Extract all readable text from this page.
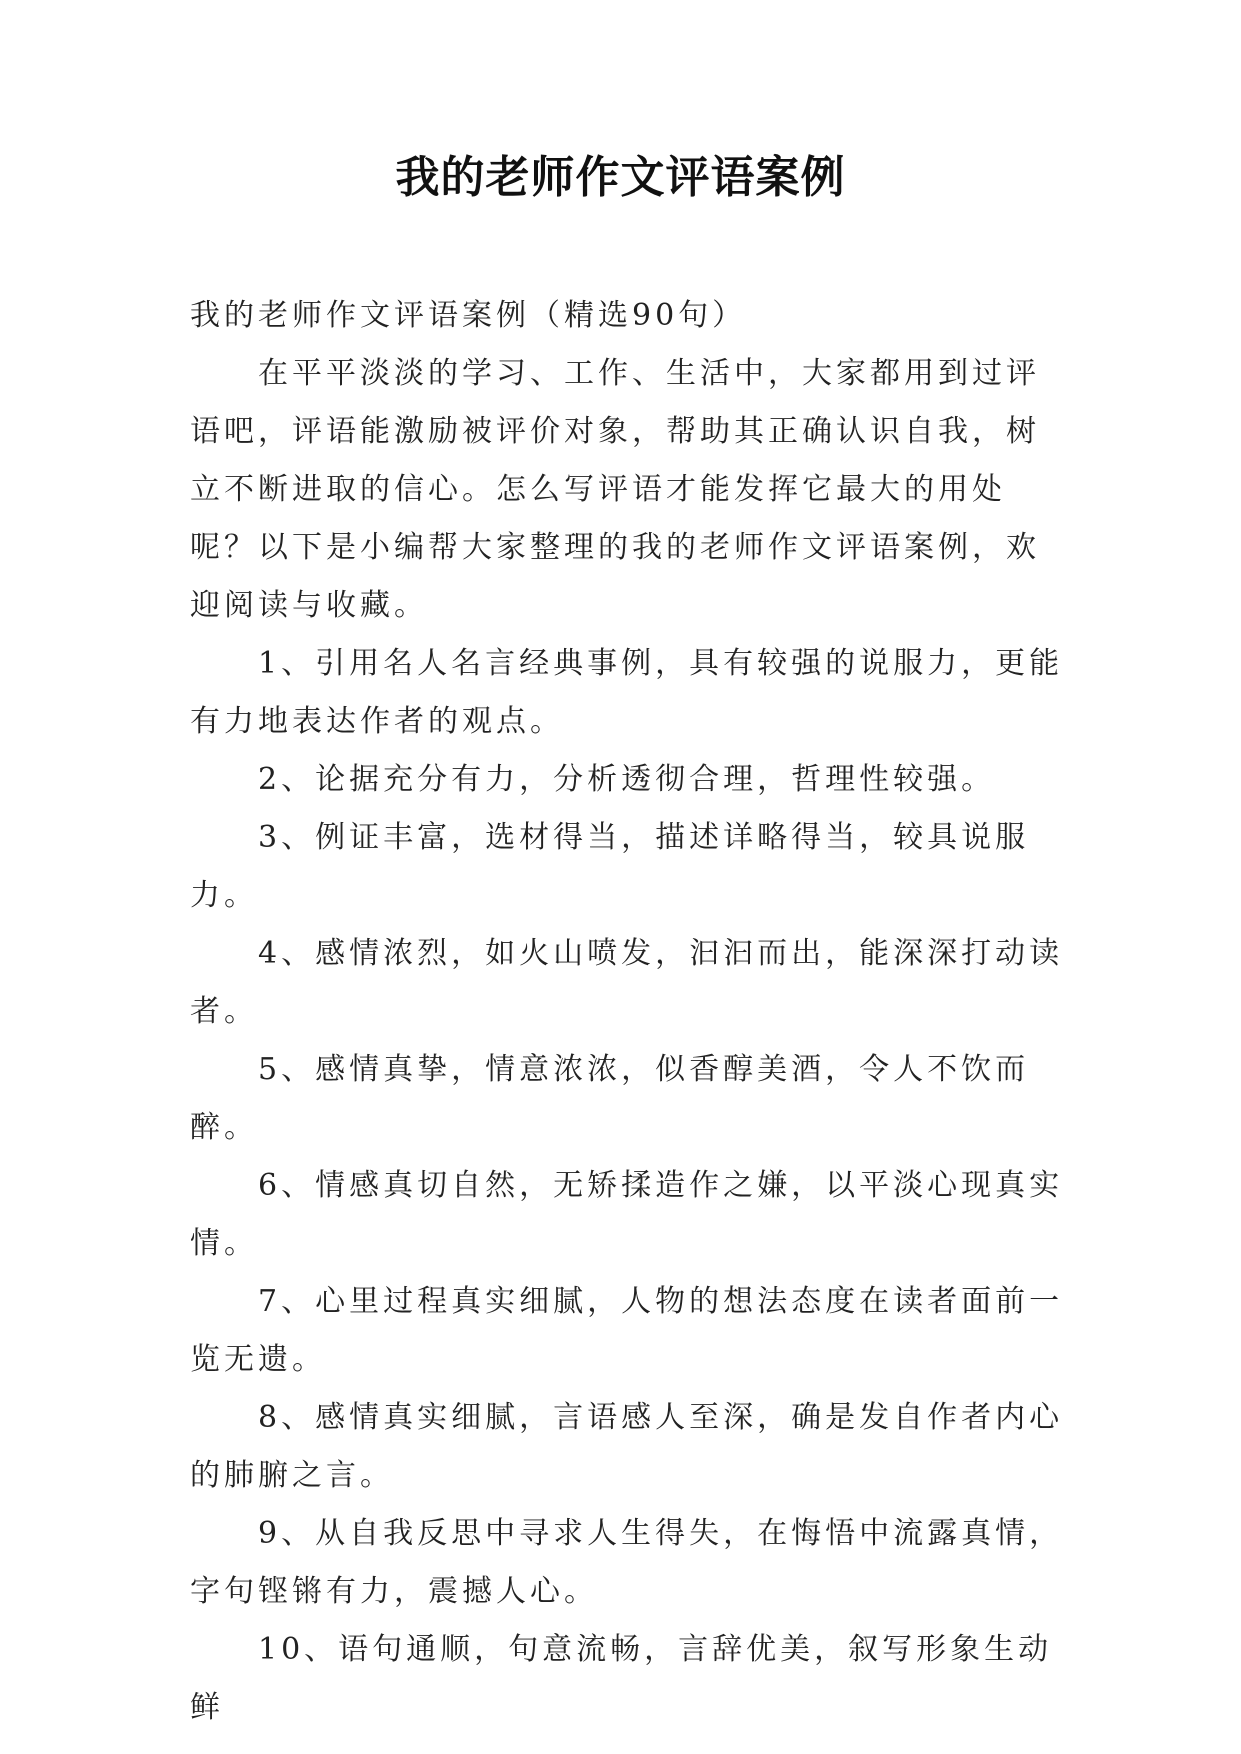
我的老师作文评语案例

我的老师作文评语案例（精选90句）

在平平淡淡的学习、工作、生活中，大家都用到过评语吧，评语能激励被评价对象，帮助其正确认识自我，树立不断进取的信心。怎么写评语才能发挥它最大的用处呢？以下是小编帮大家整理的我的老师作文评语案例，欢迎阅读与收藏。

1、引用名人名言经典事例，具有较强的说服力，更能有力地表达作者的观点。

2、论据充分有力，分析透彻合理，哲理性较强。

3、例证丰富，选材得当，描述详略得当，较具说服力。

4、感情浓烈，如火山喷发，汩汩而出，能深深打动读者。

5、感情真挚，情意浓浓，似香醇美酒，令人不饮而醉。

6、情感真切自然，无矫揉造作之嫌，以平淡心现真实情。

7、心里过程真实细腻，人物的想法态度在读者面前一览无遗。

8、感情真实细腻，言语感人至深，确是发自作者内心的肺腑之言。

9、从自我反思中寻求人生得失，在悔悟中流露真情，字句铿锵有力，震撼人心。

10、语句通顺，句意流畅，言辞优美，叙写形象生动鲜
